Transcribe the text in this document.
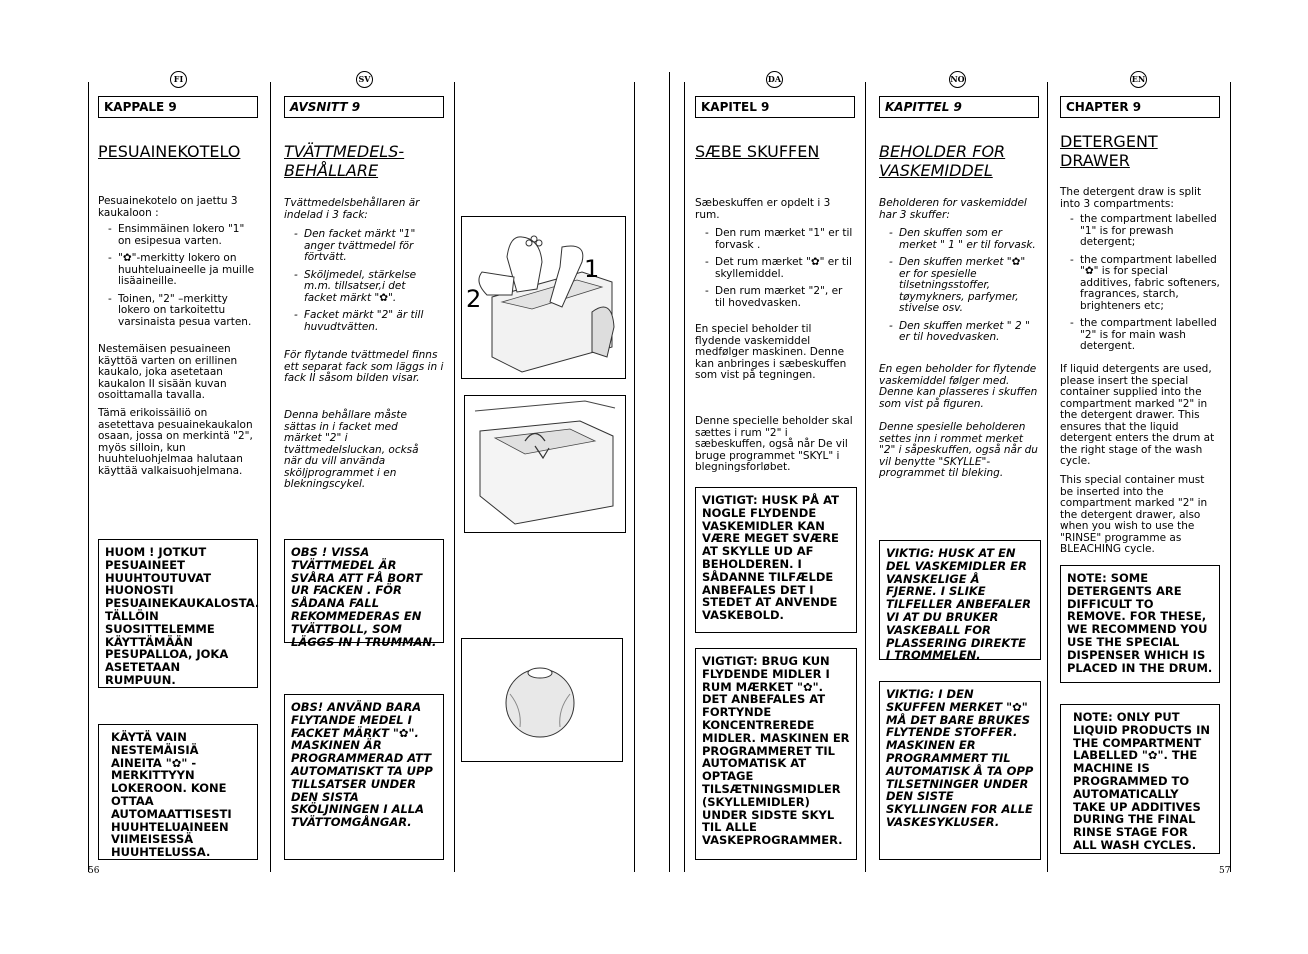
FI	SV	DA	NO	EN
KAPPALE 9
PESUAINEKOTELO
Pesuainekotelo on jaettu 3 kaukaloon :
- Ensimmäinen lokero "1" on esipesua varten.
- "✿"-merkitty lokero on huuhteluaineelle ja muille lisäaineille.
- Toinen, "2" –merkitty lokero on tarkoitettu varsinaista pesua varten.
Nestemäisen pesuaineen käyttöä varten on erillinen kaukalo, joka asetetaan kaukalon II sisään kuvan osoittamalla tavalla.
Tämä erikoissäiliö on asetettava pesuainekaukalon osaan, jossa on merkintä "2", myös silloin, kun huuhteluohjelmaa halutaan käyttää valkaisuohjelmana.
HUOM ! JOTKUT PESUAINEET HUUHTOUTUVAT HUONOSTI PESUAINEKAUKALOSTA. TÄLLÖIN SUOSITTELEMME KÄYTTÄMÄÄN PESUPALLOA, JOKA ASETETAAN RUMPUUN.
KÄYTÄ VAIN NESTEMÄISIÄ AINEITA "✿" -MERKITTYYN LOKEROON. KONE OTTAA AUTOMAATTISESTI HUUHTELUAINEEN VIIMEISESSÄ HUUHTELUSSA.
AVSNITT 9
TVÄTTMEDELS- BEHÅLLARE
Tvättmedelsbehållaren är indelad i 3 fack:
- Den facket märkt "1" anger tvättmedel för förtvätt.
- Sköljmedel, stärkelse m.m. tillsatser,i det facket märkt "✿".
- Facket märkt "2" är till huvudtvätten.
För flytande tvättmedel finns ett separat fack som läggs in i fack II såsom bilden visar.
Denna behållare måste sättas in i facket med märket "2" i tvättmedelsluckan, också när du vill använda sköljprogrammet i en blekningscykel.
OBS ! VISSA TVÄTTMEDEL ÄR SVÅRA ATT FÅ BORT UR FACKEN . FÖR SÅDANA FALL REKOMMEDERAS EN TVÄTTBOLL, SOM LÄGGS IN I TRUMMAN.
OBS! ANVÄND BARA FLYTANDE MEDEL I FACKET MÄRKT "✿". MASKINEN ÄR PROGRAMMERAD ATT AUTOMATISKT TA UPP TILLSATSER UNDER DEN SISTA SKÖLJNINGEN I ALLA TVÄTTOMGÅNGAR.
1
2
KAPITEL 9
SÆBE SKUFFEN
Sæbeskuffen er opdelt i 3 rum.
- Den rum mærket "1" er til forvask .
- Det rum mærket "✿" er til skyllemiddel.
- Den rum mærket "2", er til hovedvasken.
En speciel beholder til flydende vaskemiddel medfølger maskinen. Denne kan anbringes i sæbeskuffen som vist på tegningen.
Denne specielle beholder skal sættes i rum "2" i sæbeskuffen, også når De vil bruge programmet "SKYL" i blegningsforløbet.
VIGTIGT: HUSK PÅ AT NOGLE FLYDENDE VASKEMIDLER KAN VÆRE MEGET SVÆRE AT SKYLLE UD AF BEHOLDEREN. I SÅDANNE TILFÆLDE ANBEFALES DET I STEDET AT ANVENDE VASKEBOLD.
VIGTIGT: BRUG KUN FLYDENDE MIDLER I RUM MÆRKET "✿". DET ANBEFALES AT FORTYNDE KONCENTREREDE MIDLER. MASKINEN ER PROGRAMMERET TIL AUTOMATISK AT OPTAGE TILSÆTNINGSMIDLER (SKYLLEMIDLER) UNDER SIDSTE SKYL TIL ALLE VASKEPROGRAMMER.
KAPITTEL 9
BEHOLDER FOR VASKEMIDDEL
Beholderen for vaskemiddel har 3 skuffer:
- Den skuffen som er merket " 1 " er til forvask.
- Den skuffen merket "✿" er for spesielle tilsetningsstoffer, tøymykners, parfymer, stivelse osv.
- Den skuffen merket " 2 " er til hovedvasken.
En egen beholder for flytende vaskemiddel følger med. Denne kan plasseres i skuffen som vist på figuren.
Denne spesielle beholderen settes inn i rommet merket "2" i såpeskuffen, også når du vil benytte "SKYLLE"-programmet til bleking.
VIKTIG: HUSK AT EN DEL VASKEMIDLER ER VANSKELIGE Å FJERNE. I SLIKE TILFELLER ANBEFALER VI AT DU BRUKER VASKEBALL FOR PLASSERING DIREKTE I TROMMELEN.
VIKTIG: I DEN SKUFFEN MERKET "✿" MÅ DET BARE BRUKES FLYTENDE STOFFER. MASKINEN ER PROGRAMMERT TIL AUTOMATISK Å TA OPP TILSETNINGER UNDER DEN SISTE SKYLLINGEN FOR ALLE VASKESYKLUSER.
CHAPTER 9
DETERGENT DRAWER
The detergent draw is split into 3 compartments:
- the compartment labelled "1" is for prewash detergent;
- the compartment labelled "✿" is for special additives, fabric softeners, fragrances, starch, brighteners etc;
- the compartment labelled "2" is for main wash detergent.
If liquid detergents are used, please insert the special container supplied into the compartment marked "2" in the detergent drawer. This ensures that the liquid detergent enters the drum at the right stage of the wash cycle.
This special container must be inserted into the compartment marked "2" in the detergent drawer, also when you wish to use the "RINSE" programme as BLEACHING cycle.
NOTE: SOME DETERGENTS ARE DIFFICULT TO REMOVE. FOR THESE, WE RECOMMEND YOU USE THE SPECIAL DISPENSER WHICH IS PLACED IN THE DRUM.
NOTE: ONLY PUT LIQUID PRODUCTS IN THE COMPARTMENT LABELLED "✿". THE MACHINE IS PROGRAMMED TO AUTOMATICALLY TAKE UP ADDITIVES DURING THE FINAL RINSE STAGE FOR ALL WASH CYCLES.
56	57
